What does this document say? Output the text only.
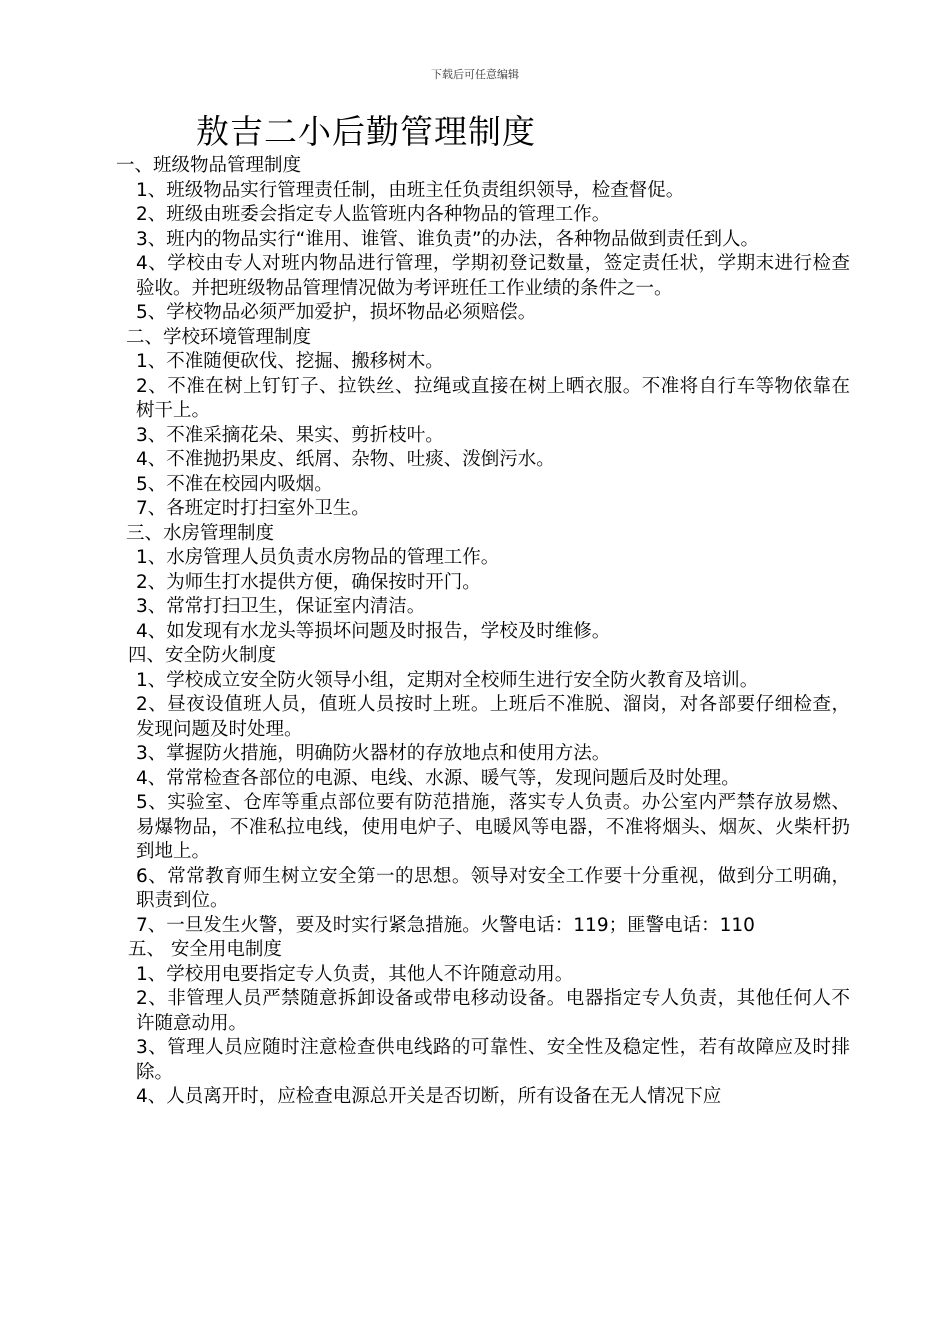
下载后可任意编辑
敖吉二小后勤管理制度
一、班级物品管理制度
1、班级物品实行管理责任制，由班主任负责组织领导，检查督促。
2、班级由班委会指定专人监管班内各种物品的管理工作。
3、班内的物品实行“谁用、谁管、谁负责”的办法，各种物品做到责任到人。
4、学校由专人对班内物品进行管理，学期初登记数量，签定责任状，学期末进行检查验收。并把班级物品管理情况做为考评班任工作业绩的条件之一。
5、学校物品必须严加爱护，损坏物品必须赔偿。
二、学校环境管理制度
1、不准随便砍伐、挖掘、搬移树木。
2、不准在树上钉钉子、拉铁丝、拉绳或直接在树上晒衣服。不准将自行车等物依靠在树干上。
3、不准采摘花朵、果实、剪折枝叶。
4、不准抛扔果皮、纸屑、杂物、吐痰、泼倒污水。
5、不准在校园内吸烟。
7、各班定时打扫室外卫生。
三、水房管理制度
1、水房管理人员负责水房物品的管理工作。
2、为师生打水提供方便，确保按时开门。
3、常常打扫卫生，保证室内清洁。
4、如发现有水龙头等损坏问题及时报告，学校及时维修。
四、安全防火制度
1、学校成立安全防火领导小组，定期对全校师生进行安全防火教育及培训。
2、昼夜设值班人员，值班人员按时上班。上班后不准脱、溜岗，对各部要仔细检查，发现问题及时处理。
3、掌握防火措施，明确防火器材的存放地点和使用方法。
4、常常检查各部位的电源、电线、水源、暖气等，发现问题后及时处理。
5、实验室、仓库等重点部位要有防范措施，落实专人负责。办公室内严禁存放易燃、易爆物品，不准私拉电线，使用电炉子、电暖风等电器，不准将烟头、烟灰、火柴杆扔到地上。
6、常常教育师生树立安全第一的思想。领导对安全工作要十分重视，做到分工明确，职责到位。
7、一旦发生火警，要及时实行紧急措施。火警电话：119；匪警电话：110
五、 安全用电制度
1、学校用电要指定专人负责，其他人不许随意动用。
2、非管理人员严禁随意拆卸设备或带电移动设备。电器指定专人负责，其他任何人不许随意动用。
3、管理人员应随时注意检查供电线路的可靠性、安全性及稳定性，若有故障应及时排除。
4、人员离开时，应检查电源总开关是否切断，所有设备在无人情况下应
